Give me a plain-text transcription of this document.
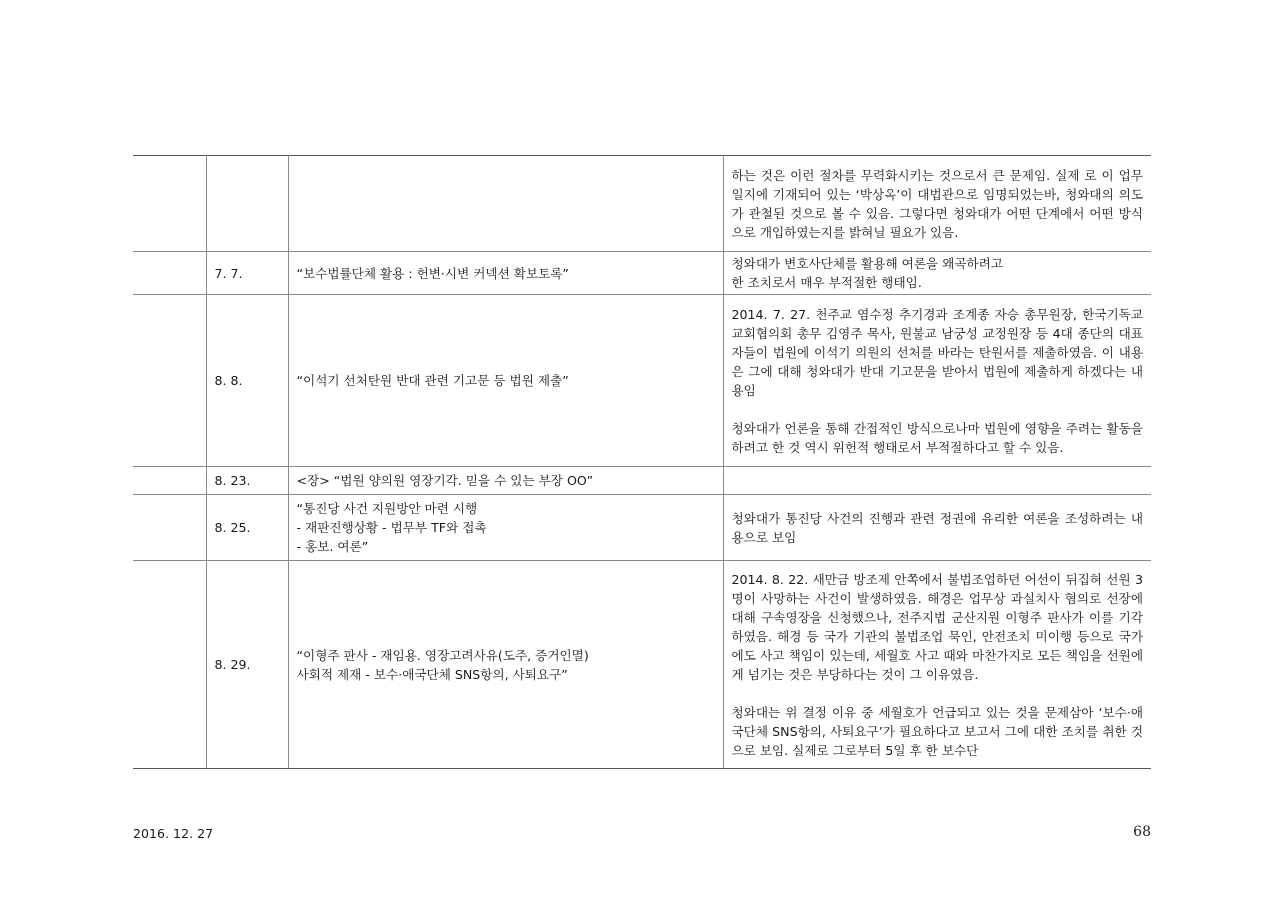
			하는 것은 이런 절차를 무력화시키는 것으로서 큰 문제임. 실제 로 이 업무일지에 기재되어 있는 ‘박상옥’이 대법관으로 임명되었는바, 청와대의 의도가 관철된 것으로 볼 수 있음. 그렇다면 청와대가 어떤 단계에서 어떤 방식으로 개입하였는지를 밝혀닐 필요가 있음.
	7. 7.	“보수법률단체 활용 : 헌변·시변 커넥션 확보토록”	청와대가 변호사단체를 활용해 여론을 왜곡하려고
한 조치로서 매우 부적절한 행태임.
	8. 8.	“이석기 선처탄원 반대 관련 기고문 등 법원 제출”	2014. 7. 27. 천주교 염수정 추기경과 조계종 자승 총무원장, 한국기독교교회협의회 총무 김영주 목사, 원불교 남궁성 교정원장 등 4대 종단의 대표자들이 법원에 이석기 의원의 선처를 바라는 탄원서를 제출하였음. 이 내용은 그에 대해 청와대가 반대 기고문을 받아서 법원에 제출하게 하겠다는 내용임

청와대가 언론을 통해 간접적인 방식으로나마 법원에 영향을 주려는 활동을 하려고 한 것 역시 위헌적 행태로서 부적절하다고 할 수 있음.
	8. 23.	<장> “법원 양의원 영장기각. 믿을 수 있는 부장 OO”	
	8. 25.	“통진당 사건 지원방안 마련 시행
- 재판진행상황 - 법무부 TF와 접촉
- 홍보. 여론”	청와대가 통진당 사건의 진행과 관련 정권에 유리한 여론을 조성하려는 내용으로 보임
	8. 29.	“이형주 판사 - 재임용. 영장고려사유(도주, 증거인멸)
사회적 제재 - 보수·애국단체 SNS항의, 사퇴요구”	2014. 8. 22. 새만금 방조제 안쪽에서 불법조업하던 어선이 뒤집혀 선원 3명이 사망하는 사건이 발생하였음. 해경은 업무상 과실치사 혐의로 선장에 대해 구속영장을 신청했으나, 전주지법 군산지원 이형주 판사가 이를 기각하였음. 해경 등 국가 기관의 불법조업 묵인, 안전조치 미이행 등으로 국가에도 사고 책임이 있는데, 세월호 사고 때와 마찬가지로 모든 책임을 선원에게 넘기는 것은 부당하다는 것이 그 이유였음.

청와대는 위 결정 이유 중 세월호가 언급되고 있는 것을 문제삼아 ‘보수·애국단체 SNS항의, 사퇴요구’가 필요하다고 보고서 그에 대한 조치를 취한 것으로 보임. 실제로 그로부터 5일 후 한 보수단
2016. 12. 27	68
